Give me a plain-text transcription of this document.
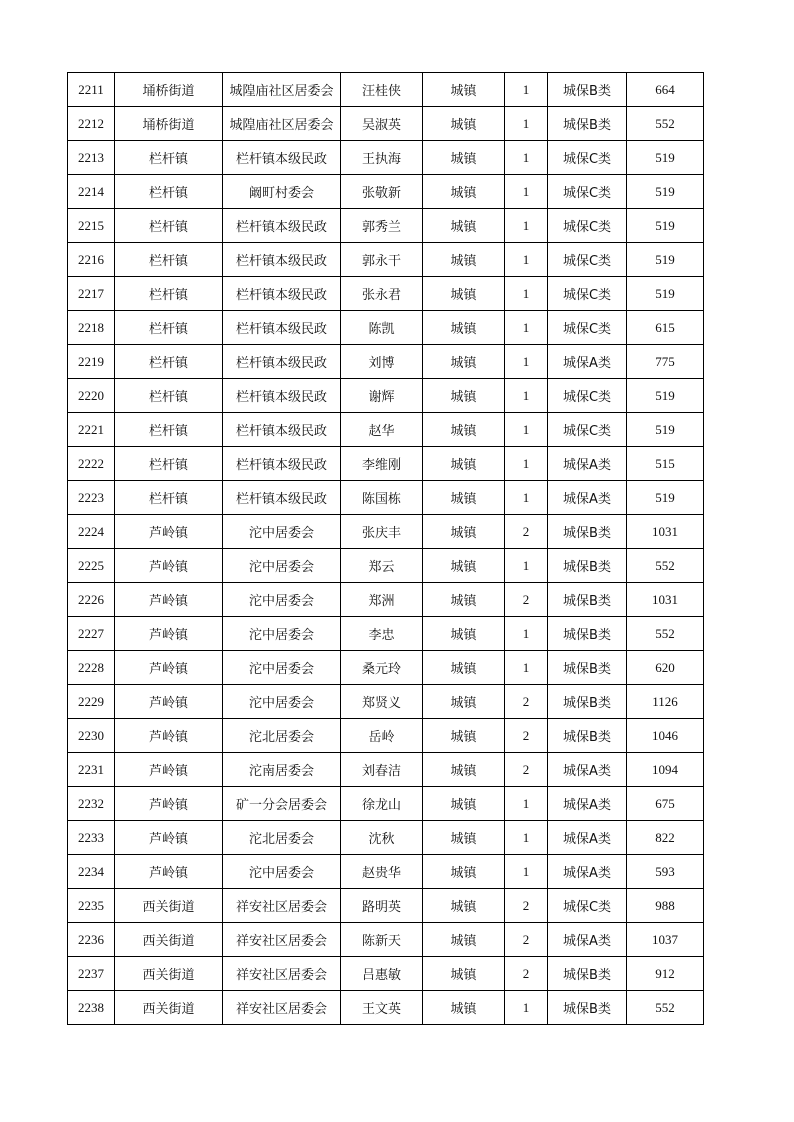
2211	埇桥街道	城隍庙社区居委会	汪桂侠	城镇	1	城保B类	664
2212	埇桥街道	城隍庙社区居委会	吴淑英	城镇	1	城保B类	552
2213	栏杆镇	栏杆镇本级民政	王执海	城镇	1	城保C类	519
2214	栏杆镇	阚町村委会	张敬新	城镇	1	城保C类	519
2215	栏杆镇	栏杆镇本级民政	郭秀兰	城镇	1	城保C类	519
2216	栏杆镇	栏杆镇本级民政	郭永干	城镇	1	城保C类	519
2217	栏杆镇	栏杆镇本级民政	张永君	城镇	1	城保C类	519
2218	栏杆镇	栏杆镇本级民政	陈凯	城镇	1	城保C类	615
2219	栏杆镇	栏杆镇本级民政	刘博	城镇	1	城保A类	775
2220	栏杆镇	栏杆镇本级民政	谢辉	城镇	1	城保C类	519
2221	栏杆镇	栏杆镇本级民政	赵华	城镇	1	城保C类	519
2222	栏杆镇	栏杆镇本级民政	李维刚	城镇	1	城保A类	515
2223	栏杆镇	栏杆镇本级民政	陈国栋	城镇	1	城保A类	519
2224	芦岭镇	沱中居委会	张庆丰	城镇	2	城保B类	1031
2225	芦岭镇	沱中居委会	郑云	城镇	1	城保B类	552
2226	芦岭镇	沱中居委会	郑洲	城镇	2	城保B类	1031
2227	芦岭镇	沱中居委会	李忠	城镇	1	城保B类	552
2228	芦岭镇	沱中居委会	桑元玲	城镇	1	城保B类	620
2229	芦岭镇	沱中居委会	郑贤义	城镇	2	城保B类	1126
2230	芦岭镇	沱北居委会	岳岭	城镇	2	城保B类	1046
2231	芦岭镇	沱南居委会	刘春洁	城镇	2	城保A类	1094
2232	芦岭镇	矿一分会居委会	徐龙山	城镇	1	城保A类	675
2233	芦岭镇	沱北居委会	沈秋	城镇	1	城保A类	822
2234	芦岭镇	沱中居委会	赵贵华	城镇	1	城保A类	593
2235	西关街道	祥安社区居委会	路明英	城镇	2	城保C类	988
2236	西关街道	祥安社区居委会	陈新天	城镇	2	城保A类	1037
2237	西关街道	祥安社区居委会	吕惠敏	城镇	2	城保B类	912
2238	西关街道	祥安社区居委会	王文英	城镇	1	城保B类	552
